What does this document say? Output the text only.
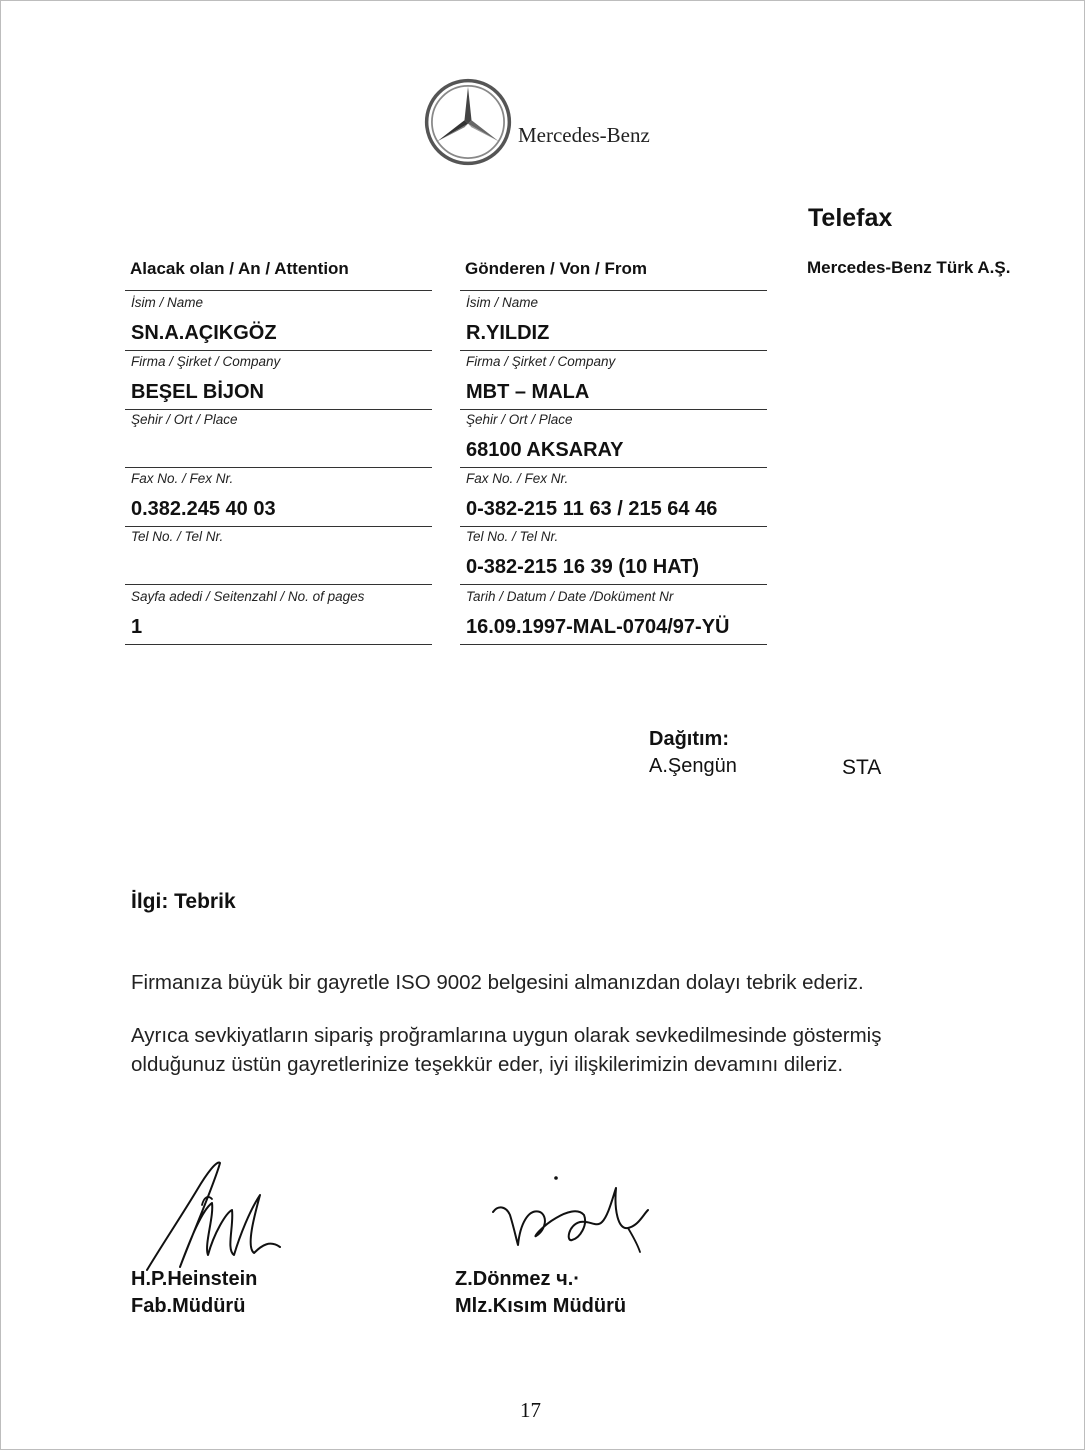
Mercedes-Benz
Telefax
Mercedes-Benz Türk A.Ş.
Alacak olan / An / Attention
İsim / Name
SN.A.AÇIKGÖZ
Firma / Şirket / Company
BEŞEL BİJON
Şehir / Ort / Place
Fax No. / Fex Nr.
0.382.245 40 03
Tel No. / Tel Nr.
Sayfa adedi / Seitenzahl / No. of pages
1
Gönderen / Von / From
İsim / Name
R.YILDIZ
Firma / Şirket / Company
MBT – MALA
Şehir / Ort / Place
68100 AKSARAY
Fax No. / Fex Nr.
0-382-215 11 63 / 215 64 46
Tel No. / Tel Nr.
0-382-215 16 39 (10 HAT)
Tarih / Datum / Date /Doküment Nr
16.09.1997-MAL-0704/97-YÜ
Dağıtım:
A.Şengün	STA
İlgi: Tebrik
Firmanıza büyük bir gayretle ISO 9002 belgesini almanızdan dolayı tebrik ederiz.
Ayrıca sevkiyatların sipariş proğramlarına uygun olarak sevkedilmesinde göstermiş
olduğunuz üstün gayretlerinize teşekkür eder, iyi ilişkilerimizin devamını dileriz.
H.P.Heinstein
Fab.Müdürü
Z.Dönmez ч.·
Mlz.Kısım Müdürü
17
